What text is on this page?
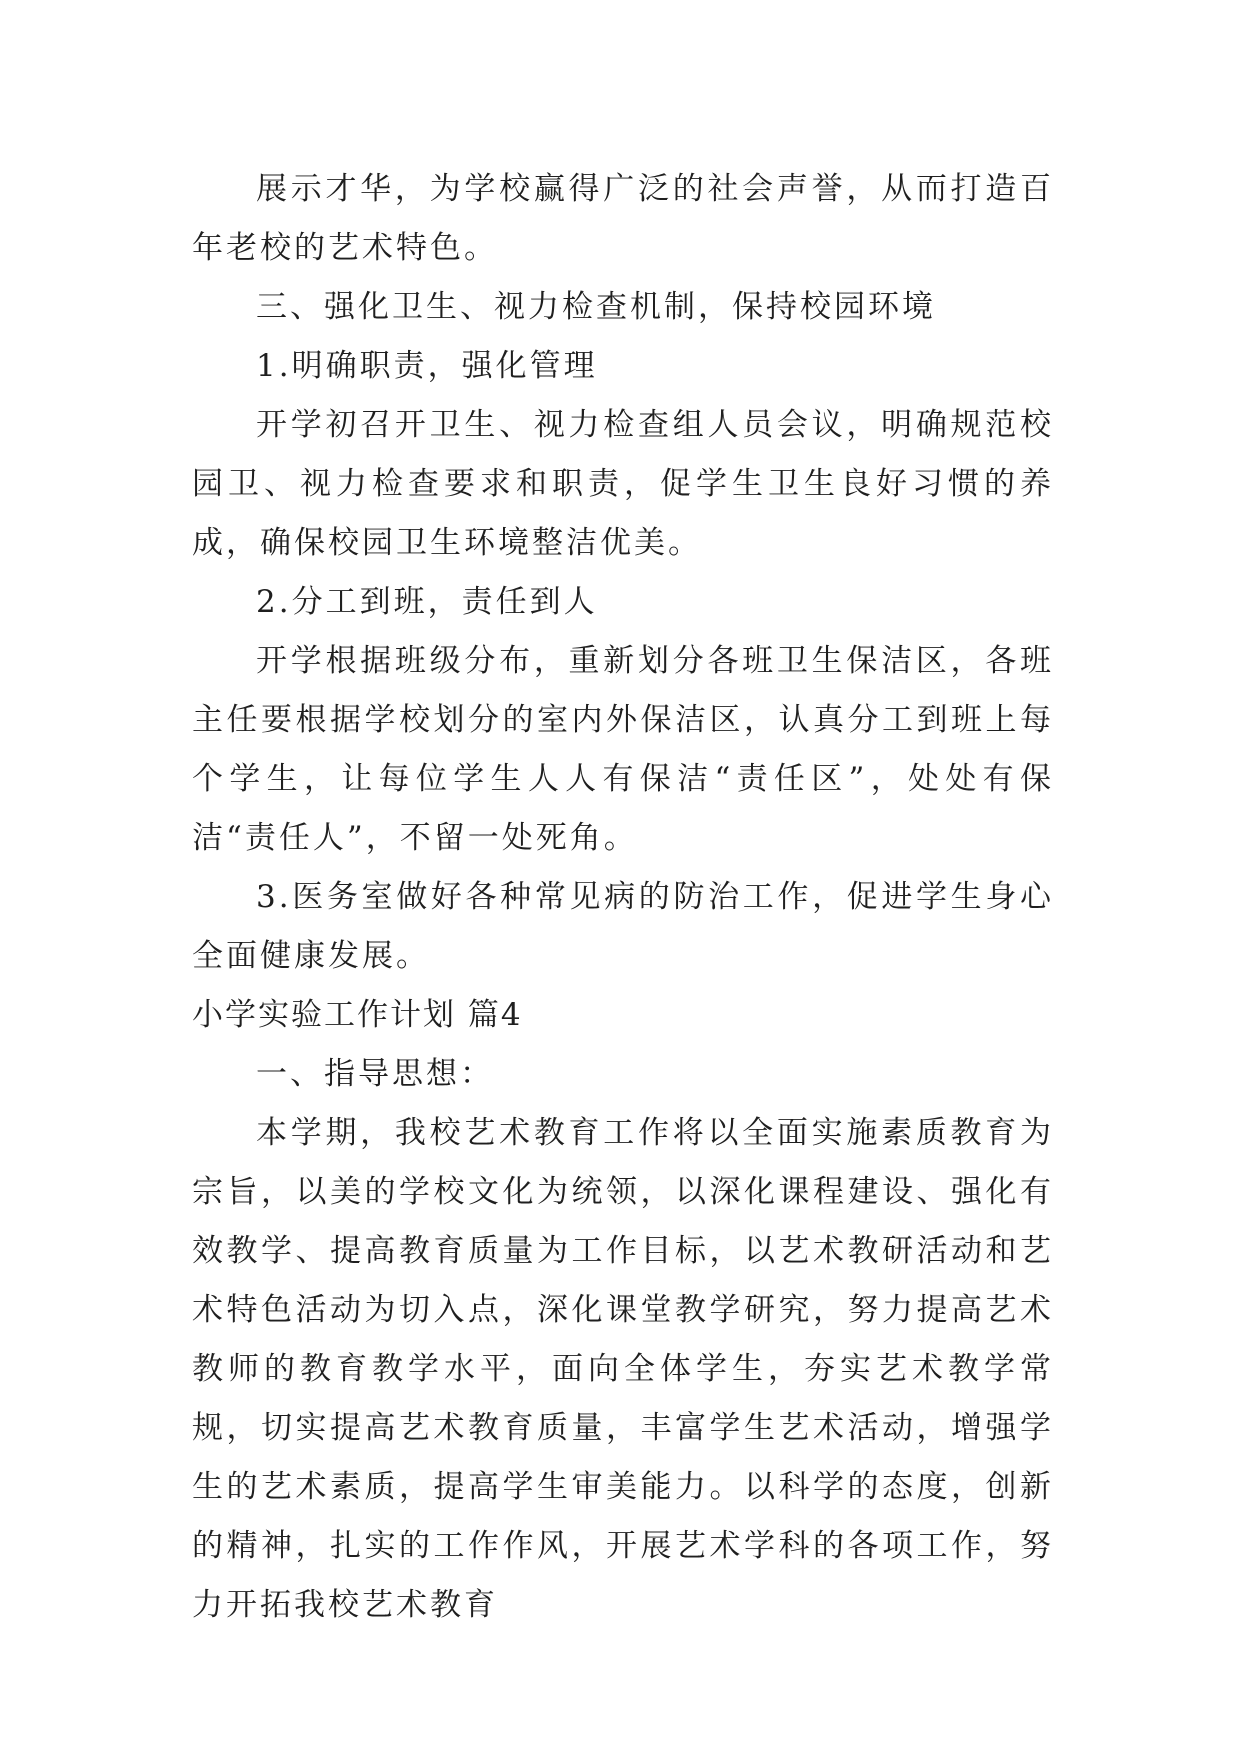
展示才华，为学校赢得广泛的社会声誉，从而打造百年老校的艺术特色。

三、强化卫生、视力检查机制，保持校园环境

1.明确职责，强化管理

开学初召开卫生、视力检查组人员会议，明确规范校园卫、视力检查要求和职责，促学生卫生良好习惯的养成，确保校园卫生环境整洁优美。

2.分工到班，责任到人

开学根据班级分布，重新划分各班卫生保洁区，各班主任要根据学校划分的室内外保洁区，认真分工到班上每个学生，让每位学生人人有保洁“责任区”，处处有保洁“责任人”，不留一处死角。

3.医务室做好各种常见病的防治工作，促进学生身心全面健康发展。

小学实验工作计划 篇4

一、指导思想：

本学期，我校艺术教育工作将以全面实施素质教育为宗旨，以美的学校文化为统领，以深化课程建设、强化有效教学、提高教育质量为工作目标，以艺术教研活动和艺术特色活动为切入点，深化课堂教学研究，努力提高艺术教师的教育教学水平，面向全体学生，夯实艺术教学常规，切实提高艺术教育质量，丰富学生艺术活动，增强学生的艺术素质，提高学生审美能力。以科学的态度，创新的精神，扎实的工作作风，开展艺术学科的各项工作，努力开拓我校艺术教育
